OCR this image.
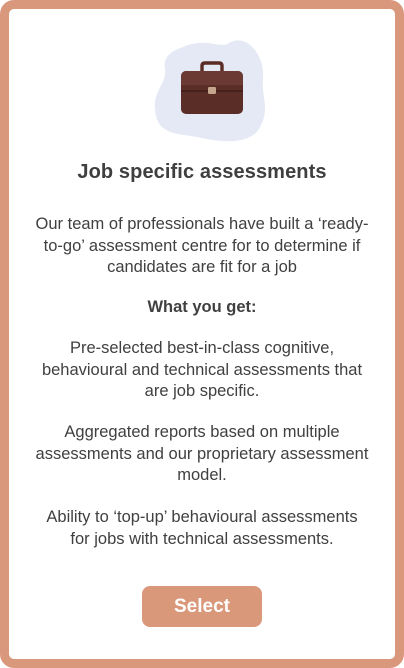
Job specific assessments
Our team of professionals have built a ‘ready-to-go’ assessment centre for to determine if candidates are fit for a job
What you get:
Pre-selected best-in-class cognitive, behavioural and technical assessments that are job specific.
Aggregated reports based on multiple assessments and our proprietary assessment model.
Ability to ‘top-up’ behavioural assessments for jobs with technical assessments.
Select
